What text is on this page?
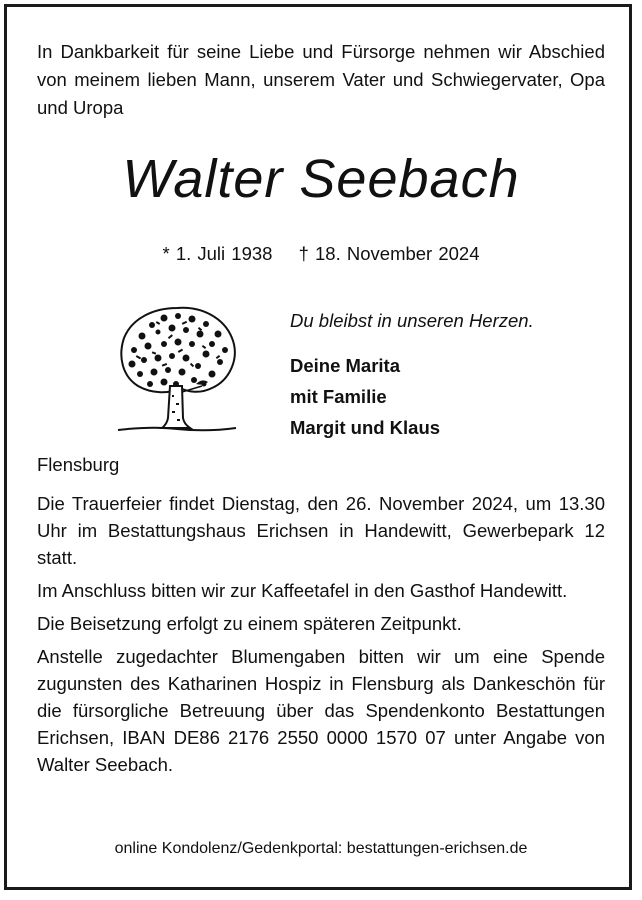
In Dankbarkeit für seine Liebe und Fürsorge nehmen wir Abschied von meinem lieben Mann, unserem Vater und Schwiegervater, Opa und Uropa
Walter Seebach
* 1. Juli 1938 † 18. November 2024
Du bleibst in unseren Herzen.
Deine Marita
mit Familie
Margit und Klaus
Flensburg

Die Trauerfeier findet Dienstag, den 26. November 2024, um 13.30 Uhr im Bestattungshaus Erichsen in Handewitt, Gewerbepark 12 statt.

Im Anschluss bitten wir zur Kaffeetafel in den Gasthof Handewitt.

Die Beisetzung erfolgt zu einem späteren Zeitpunkt.

Anstelle zugedachter Blumengaben bitten wir um eine Spende zugunsten des Katharinen Hospiz in Flensburg als Dankeschön für die fürsorgliche Betreuung über das Spendenkonto Bestattungen Erichsen, IBAN DE86 2176 2550 0000 1570 07 unter Angabe von Walter Seebach.

online Kondolenz/Gedenkportal: bestattungen-erichsen.de
